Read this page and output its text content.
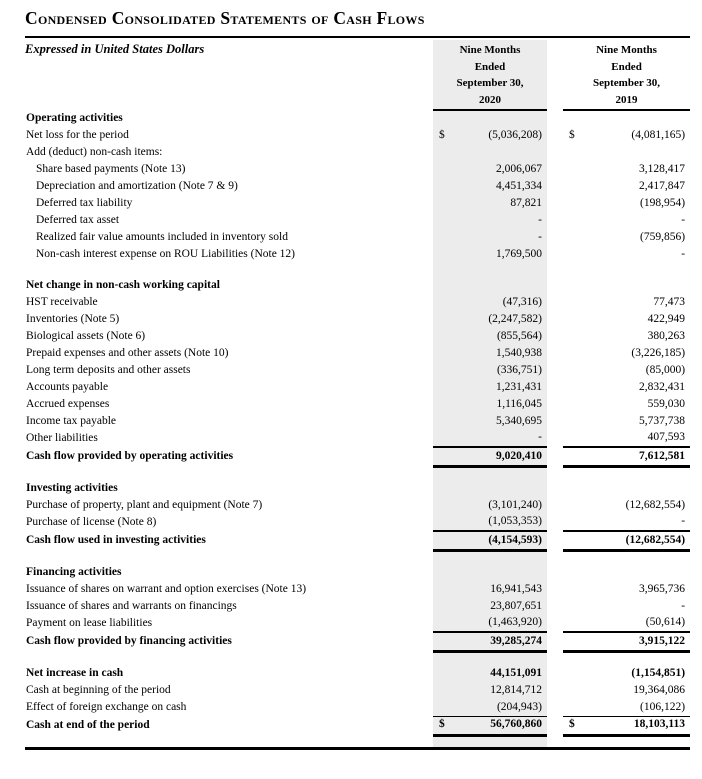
Condensed Consolidated Statements of Cash Flows
Expressed in United States Dollars	Nine Months
Ended
September 30,
2020

Nine Months
Ended
September 30,
2019

Operating activities					
Net loss for the period	$	(5,036,208)		$	(4,081,165)
Add (deduct) non-cash items:					
Share based payments (Note 13)		2,006,067			3,128,417
Depreciation and amortization (Note 7 & 9)		4,451,334			2,417,847
Deferred tax liability		87,821			(198,954)
Deferred tax asset		-			-
Realized fair value amounts included in inventory sold		-			(759,856)
Non-cash interest expense on ROU Liabilities (Note 12)		1,769,500			-

Net change in non-cash working capital					
HST receivable		(47,316)			77,473
Inventories (Note 5)		(2,247,582)			422,949
Biological assets (Note 6)		(855,564)			380,263
Prepaid expenses and other assets (Note 10)		1,540,938			(3,226,185)
Long term deposits and other assets		(336,751)			(85,000)
Accounts payable		1,231,431			2,832,431
Accrued expenses		1,116,045			559,030
Income tax payable		5,340,695			5,737,738
Other liabilities		-			407,593
Cash flow provided by operating activities		9,020,410			7,612,581

Investing activities					
Purchase of property, plant and equipment (Note 7)		(3,101,240)			(12,682,554)
Purchase of license (Note 8)		(1,053,353)			-
Cash flow used in investing activities		(4,154,593)			(12,682,554)

Financing activities					
Issuance of shares on warrant and option exercises (Note 13)		16,941,543			3,965,736
Issuance of shares and warrants on financings		23,807,651			-
Payment on lease liabilities		(1,463,920)			(50,614)
Cash flow provided by financing activities		39,285,274			3,915,122

Net increase in cash		44,151,091			(1,154,851)
Cash at beginning of the period		12,814,712			19,364,086
Effect of foreign exchange on cash		(204,943)			(106,122)
Cash at end of the period	$	56,760,860		$	18,103,113
